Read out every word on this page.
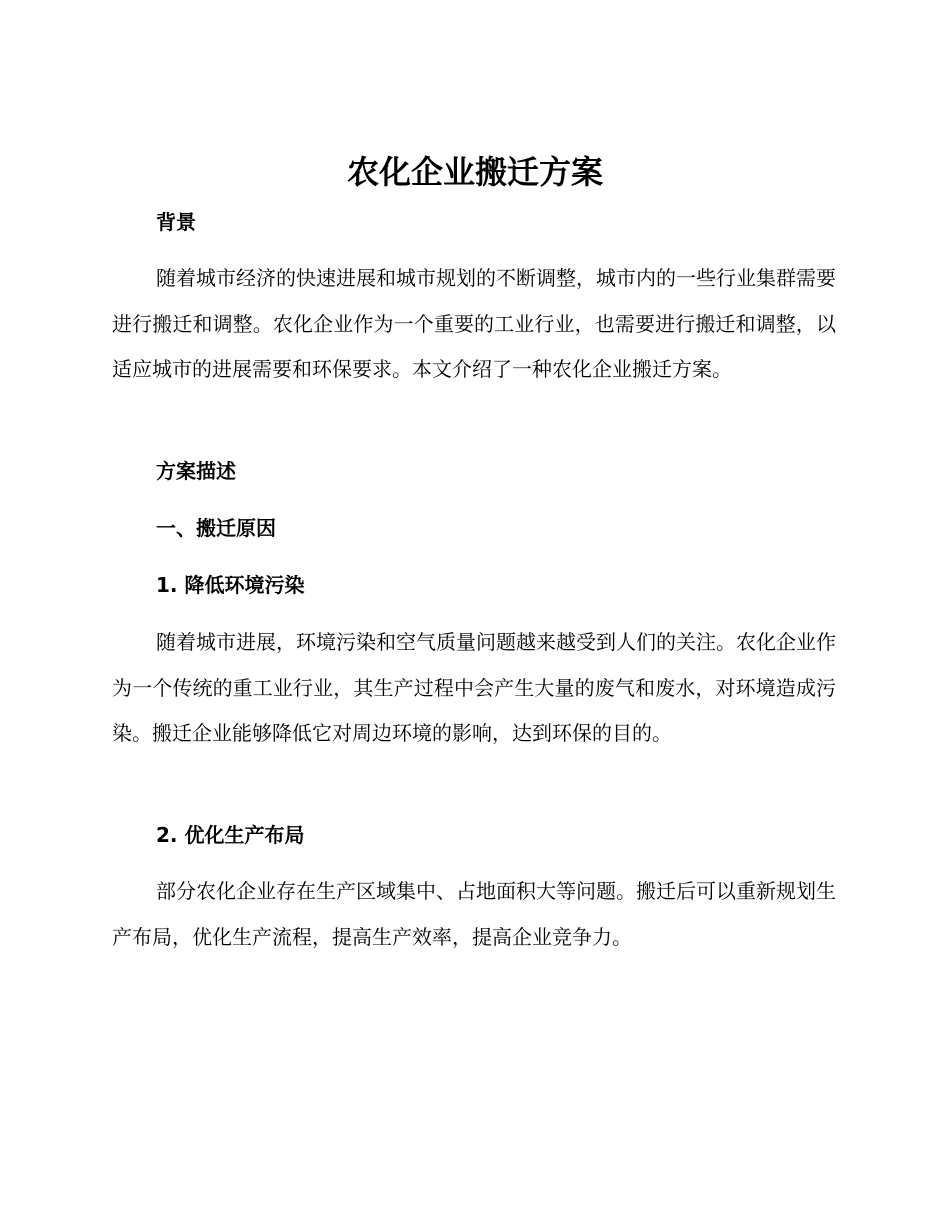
农化企业搬迁方案
背景

随着城市经济的快速进展和城市规划的不断调整，城市内的一些行业集群需要进行搬迁和调整。农化企业作为一个重要的工业行业，也需要进行搬迁和调整，以适应城市的进展需要和环保要求。本文介绍了一种农化企业搬迁方案。

方案描述
一、搬迁原因
1. 降低环境污染

随着城市进展，环境污染和空气质量问题越来越受到人们的关注。农化企业作为一个传统的重工业行业，其生产过程中会产生大量的废气和废水，对环境造成污染。搬迁企业能够降低它对周边环境的影响，达到环保的目的。

2. 优化生产布局

部分农化企业存在生产区域集中、占地面积大等问题。搬迁后可以重新规划生产布局，优化生产流程，提高生产效率，提高企业竞争力。
